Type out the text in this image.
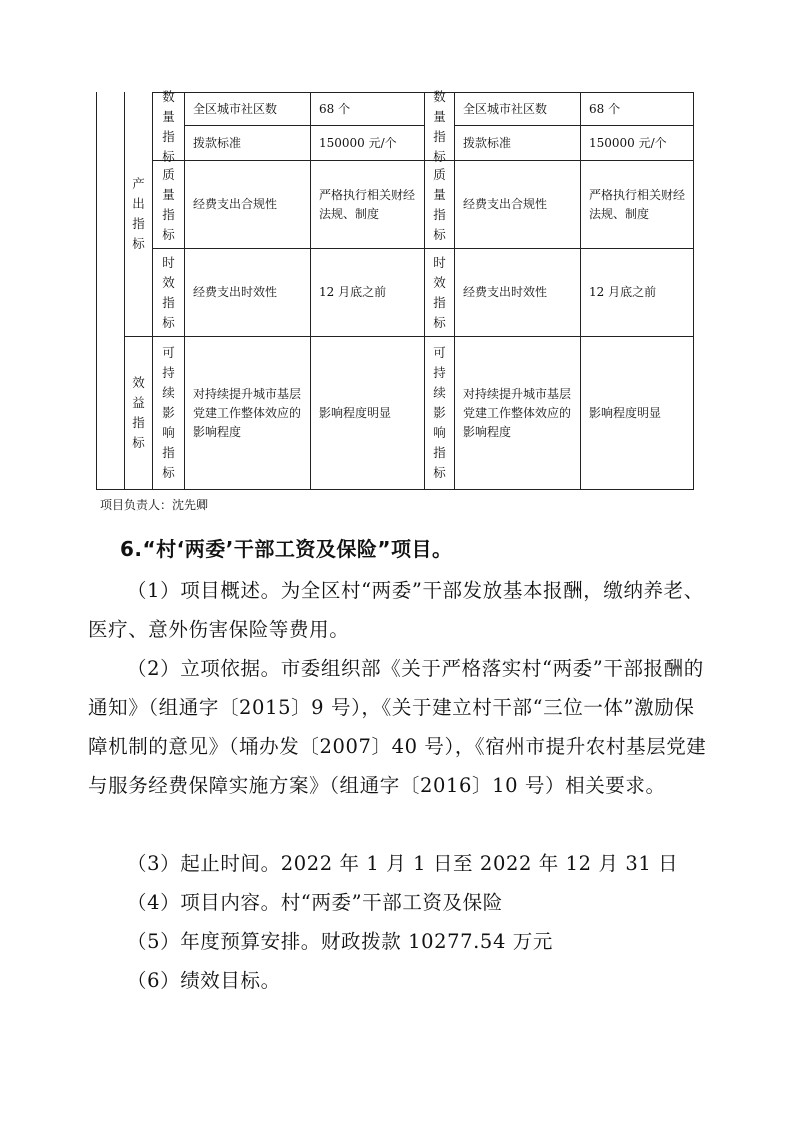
产出指标
效益指标
数量指标
质量指标
时效指标
可持续影响指标
全区城市社区数
拨款标准
经费支出合规性
经费支出时效性
对持续提升城市基层党建工作整体效应的影响程度
68 个
150000 元/个
严格执行相关财经法规、制度
12 月底之前
影响程度明显
数量指标
质量指标
时效指标
可持续影响指标
全区城市社区数
拨款标准
经费支出合规性
经费支出时效性
对持续提升城市基层党建工作整体效应的影响程度
68 个
150000 元/个
严格执行相关财经法规、制度
12 月底之前
影响程度明显
项目负责人：沈先卿
6.“村‘两委’干部工资及保险”项目。

（1）项目概述。为全区村“两委”干部发放基本报酬，缴纳养老、医疗、意外伤害保险等费用。

（2）立项依据。市委组织部《关于严格落实村“两委”干部报酬的通知》（组通字〔2015〕9 号），《关于建立村干部“三位一体”激励保障机制的意见》（埇办发〔2007〕40 号），《宿州市提升农村基层党建与服务经费保障实施方案》（组通字〔2016〕10 号）相关要求。

（3）起止时间。2022 年 1 月 1 日至 2022 年 12 月 31 日

（4）项目内容。村“两委”干部工资及保险

（5）年度预算安排。财政拨款 10277.54 万元

（6）绩效目标。
